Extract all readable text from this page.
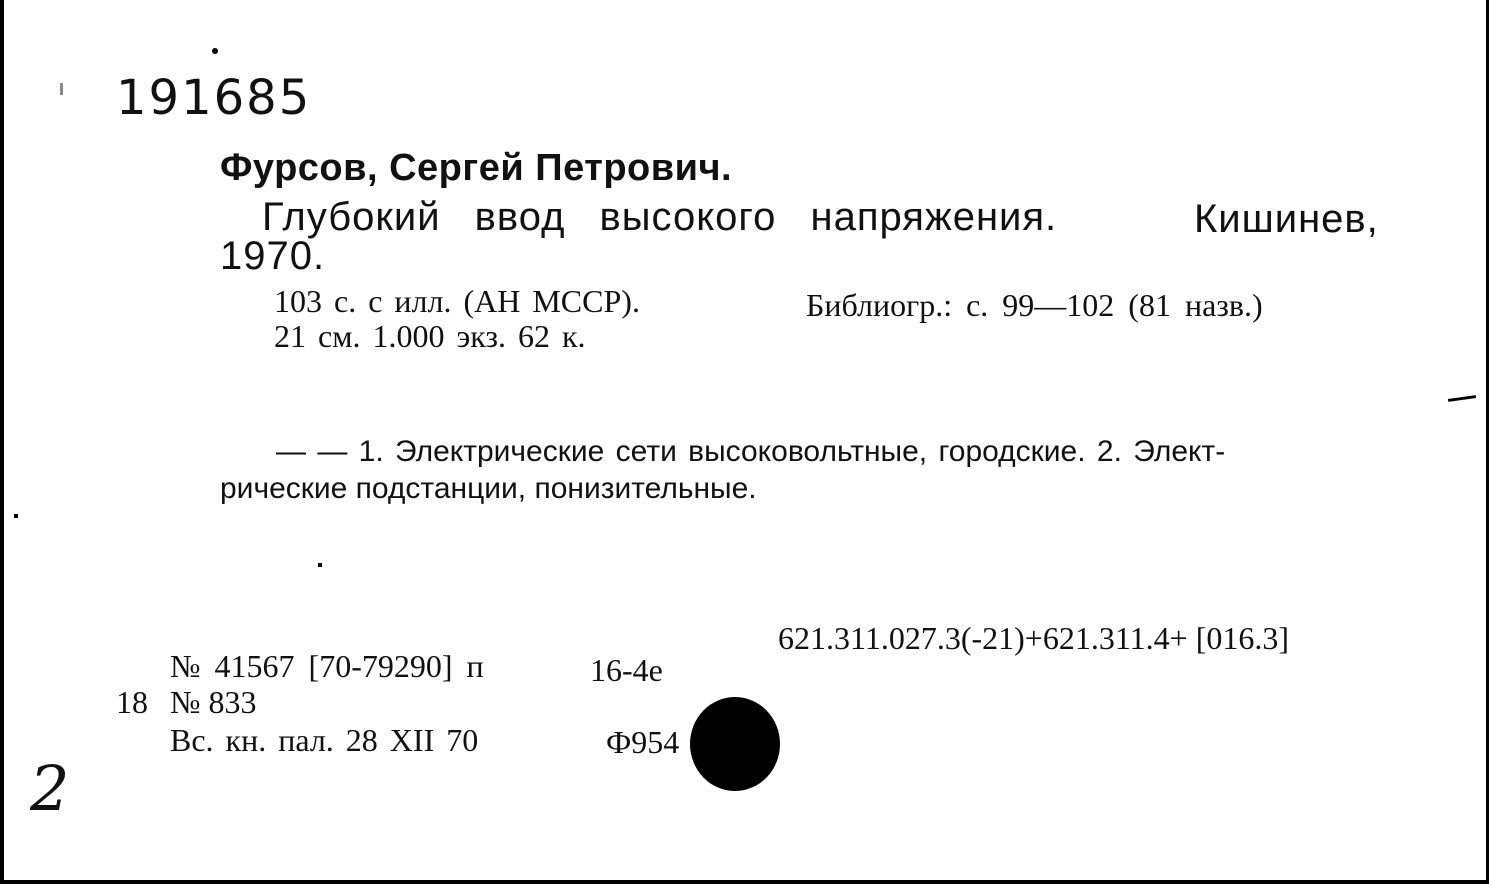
191685
Фурсов, Сергей Петрович.
Глубокий ввод высокого напряжения.	Кишинев,
1970.
103 с. с илл. (АН МССР).	Библиогр.: с. 99—102 (81 назв.)
21 см. 1.000 экз. 62 к.
— — 1. Электрические сети высоковольтные, городские. 2. Элект-
рические подстанции, понизительные.
621.311.027.3(-21)+621.311.4+ [016.3]
№ 41567 [70-79290] п	16-4е
18 № 833
Вс. кн. пал. 28 XII 70	Ф954
2
